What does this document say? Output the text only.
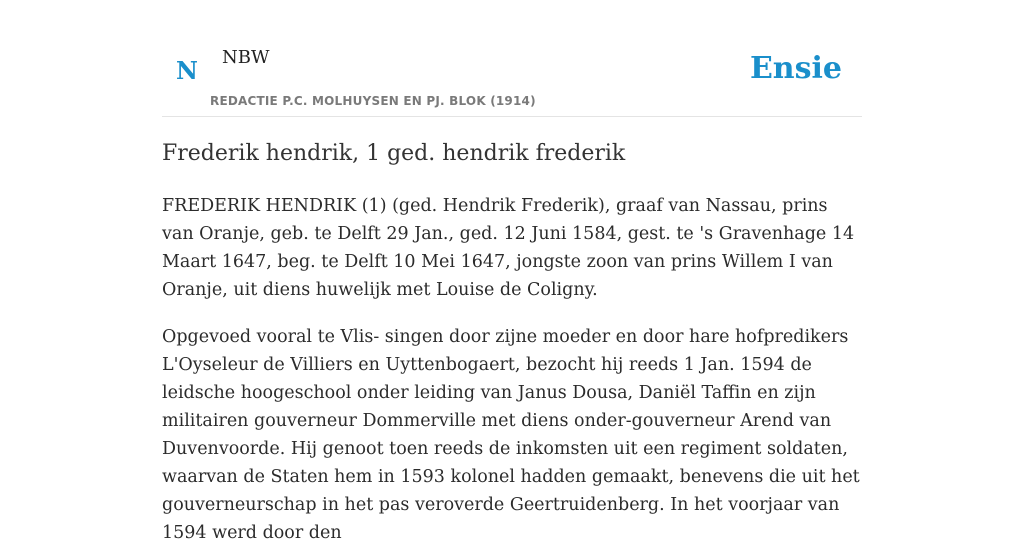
N NBW
REDACTIE P.C. MOLHUYSEN EN PJ. BLOK (1914)
Ensie
Frederik hendrik, 1 ged. hendrik frederik

FREDERIK HENDRIK (1) (ged. Hendrik Frederik), graaf van Nassau, prins van Oranje, geb. te Delft 29 Jan., ged. 12 Juni 1584, gest. te 's Gravenhage 14 Maart 1647, beg. te Delft 10 Mei 1647, jongste zoon van prins Willem I van Oranje, uit diens huwelijk met Louise de Coligny.

Opgevoed vooral te Vlis- singen door zijne moeder en door hare hofpredikers L'Oyseleur de Villiers en Uyttenbogaert, bezocht hij reeds 1 Jan. 1594 de leidsche hoogeschool onder leiding van Janus Dousa, Daniël Taffin en zijn militairen gouverneur Dommerville met diens onder-gouverneur Arend van Duvenvoorde. Hij genoot toen reeds de inkomsten uit een regiment soldaten, waarvan de Staten hem in 1593 kolonel hadden gemaakt, benevens die uit het gouverneurschap in het pas veroverde Geertruidenberg. In het voorjaar van 1594 werd door den
